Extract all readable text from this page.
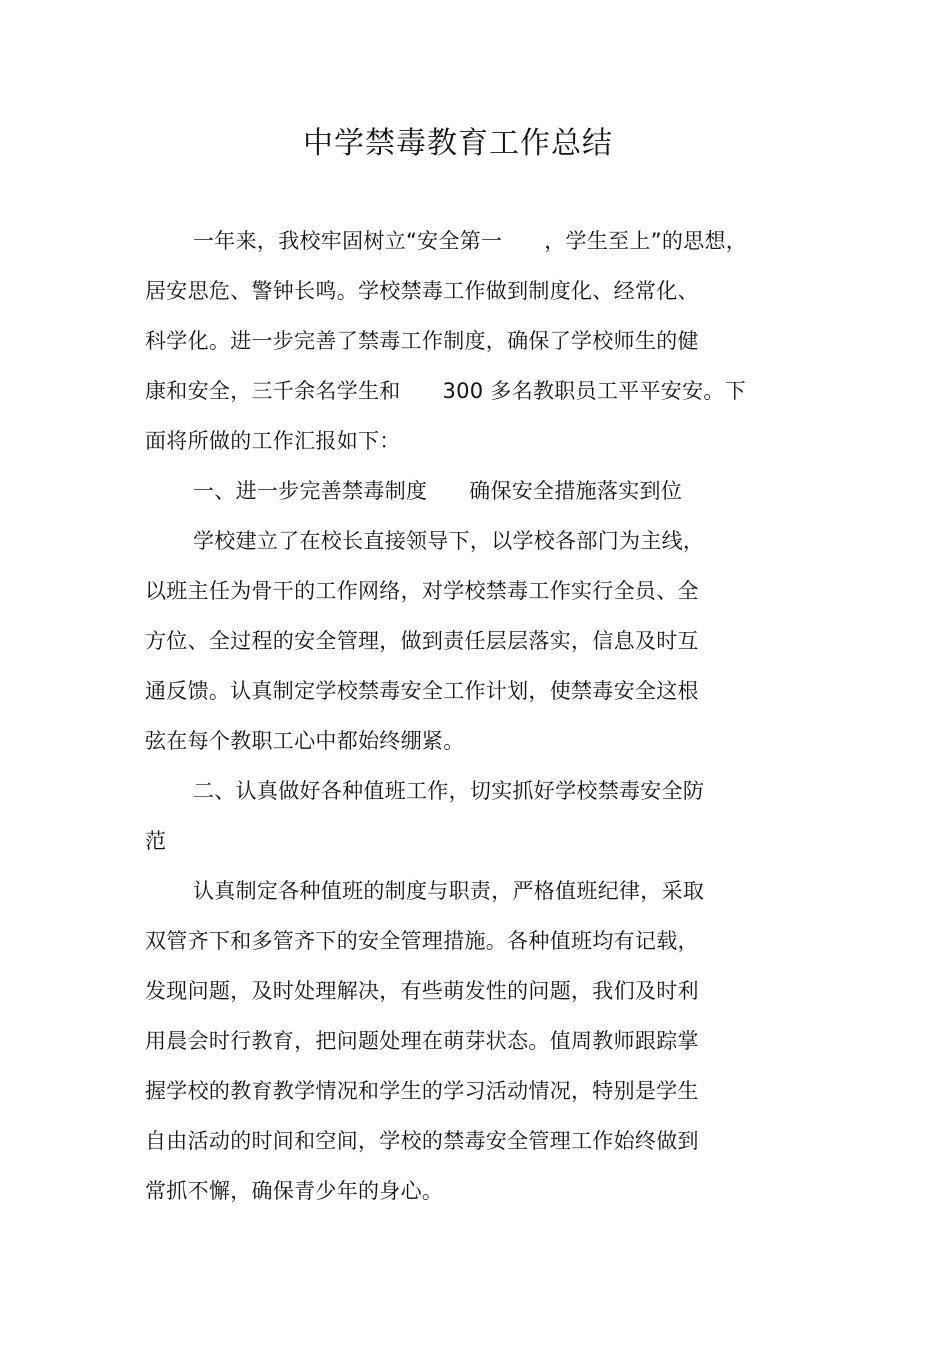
中学禁毒教育工作总结
一年来，我校牢固树立“安全第一      ，学生至上”的思想，
居安思危、警钟长鸣。学校禁毒工作做到制度化、经常化、
科学化。进一步完善了禁毒工作制度，确保了学校师生的健
康和安全，三千余名学生和      300 多名教职员工平平安安。下
面将所做的工作汇报如下：
一、进一步完善禁毒制度      确保安全措施落实到位
学校建立了在校长直接领导下，以学校各部门为主线，
以班主任为骨干的工作网络，对学校禁毒工作实行全员、全
方位、全过程的安全管理，做到责任层层落实，信息及时互
通反馈。认真制定学校禁毒安全工作计划，使禁毒安全这根
弦在每个教职工心中都始终绷紧。
二、认真做好各种值班工作，切实抓好学校禁毒安全防
范
认真制定各种值班的制度与职责，严格值班纪律，采取
双管齐下和多管齐下的安全管理措施。各种值班均有记载，
发现问题，及时处理解决，有些萌发性的问题，我们及时利
用晨会时行教育，把问题处理在萌芽状态。值周教师跟踪掌
握学校的教育教学情况和学生的学习活动情况，特别是学生
自由活动的时间和空间，学校的禁毒安全管理工作始终做到
常抓不懈，确保青少年的身心。
